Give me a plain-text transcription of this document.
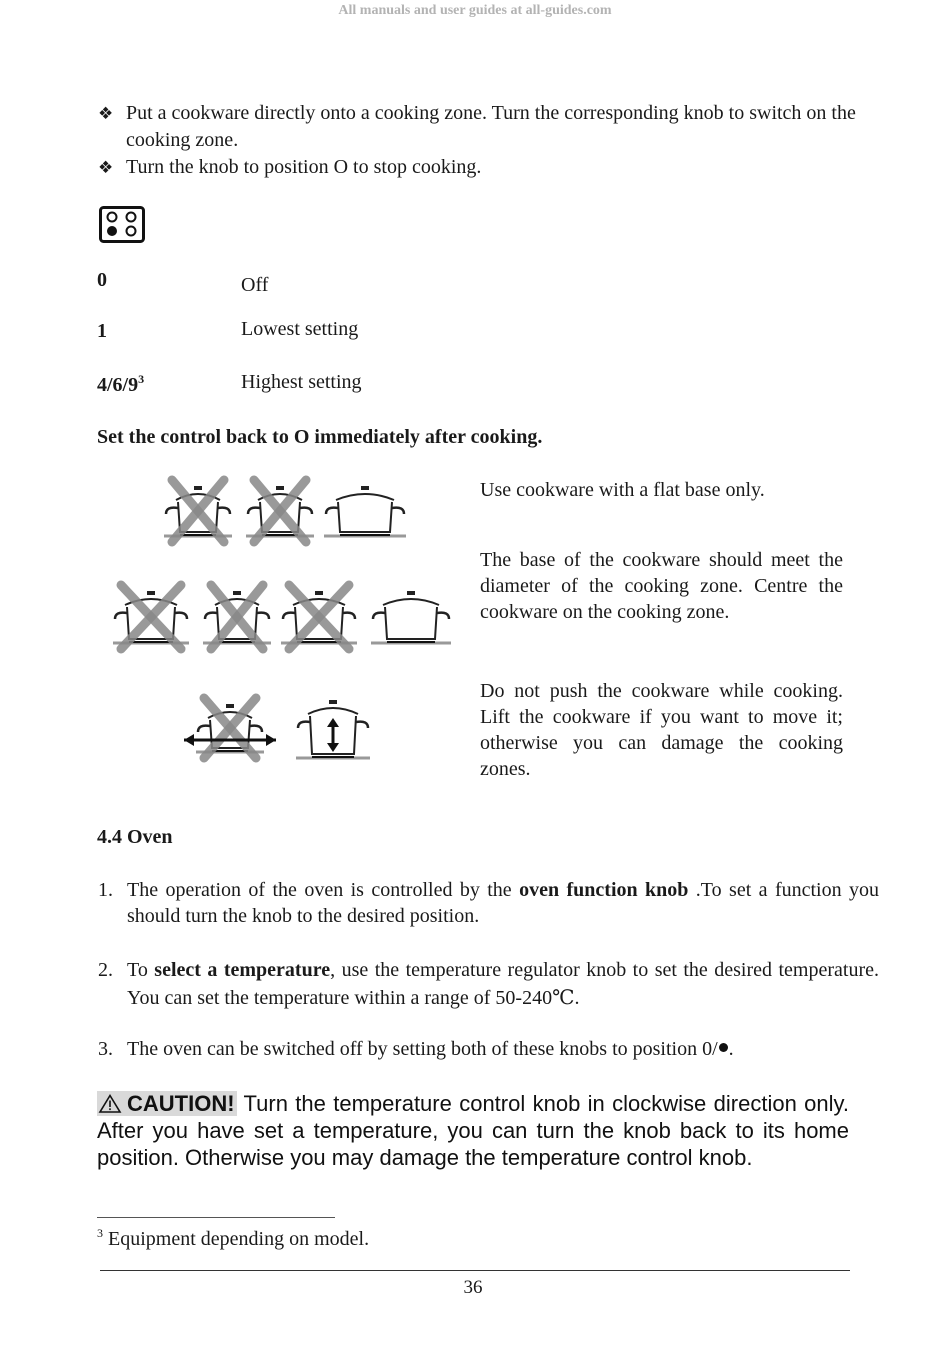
All manuals and user guides at all-guides.com
❖ Put a cookware directly onto a cooking zone. Turn the corresponding knob to switch on the cooking zone.
❖ Turn the knob to position O to stop cooking.
0	Off
1	Lowest setting
$4/6/9^3$	Highest setting
Set the control back to O immediately after cooking.
Use cookware with a flat base only.
The base of the cookware should meet the diameter of the cooking zone. Centre the cookware on the cooking zone.
Do not push the cookware while cooking. Lift the cookware if you want to move it; otherwise you can damage the cooking zones.
4.4 Oven
1. The operation of the oven is controlled by the oven function knob .To set a function you should turn the knob to the desired position.
2. To select a temperature, use the temperature regulator knob to set the desired temperature. You can set the temperature within a range of 50-240℃.
3. The oven can be switched off by setting both of these knobs to position 0/ .
CAUTION! Turn the temperature control knob in clockwise direction only. After you have set a temperature, you can turn the knob back to its home position. Otherwise you may damage the temperature control knob.
$^3$ Equipment depending on model.
36
